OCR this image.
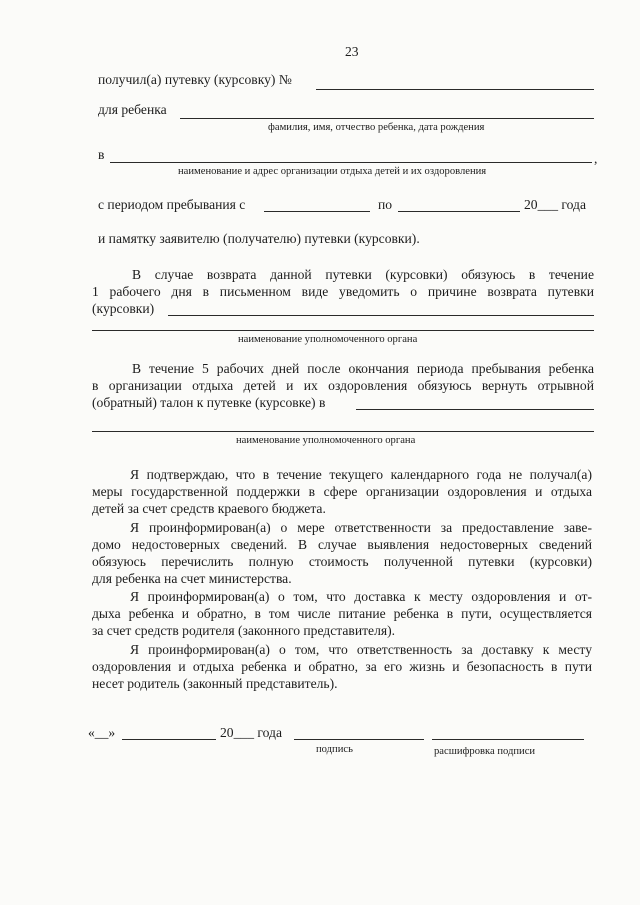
23
получил(а) путевку (курсовку) №
для ребенка
фамилия, имя, отчество ребенка, дата рождения
в	,
наименование и адрес организации отдыха детей и их оздоровления
с периодом пребывания с	по	20___ года
и памятку заявителю (получателю) путевки (курсовки).
В случае возврата данной путевки (курсовки) обязуюсь в течение
1 рабочего дня в письменном виде уведомить о причине возврата путевки
(курсовки)
наименование уполномоченного органа
В течение 5 рабочих дней после окончания периода пребывания ребенка
в организации отдыха детей и их оздоровления обязуюсь вернуть отрывной
(обратный) талон к путевке (курсовке) в
наименование уполномоченного органа
Я подтверждаю, что в течение текущего календарного года не получал(а)
меры государственной поддержки в сфере организации оздоровления и отдыха
детей за счет средств краевого бюджета.
Я проинформирован(а) о мере ответственности за предоставление заве-
домо недостоверных сведений. В случае выявления недостоверных сведений
обязуюсь перечислить полную стоимость полученной путевки (курсовки)
для ребенка на счет министерства.
Я проинформирован(а) о том, что доставка к месту оздоровления и от-
дыха ребенка и обратно, в том числе питание ребенка в пути, осуществляется
за счет средств родителя (законного представителя).
Я проинформирован(а) о том, что ответственность за доставку к месту
оздоровления и отдыха ребенка и обратно, за его жизнь и безопасность в пути
несет родитель (законный представитель).
«__»	20___ года
подпись	расшифровка подписи
